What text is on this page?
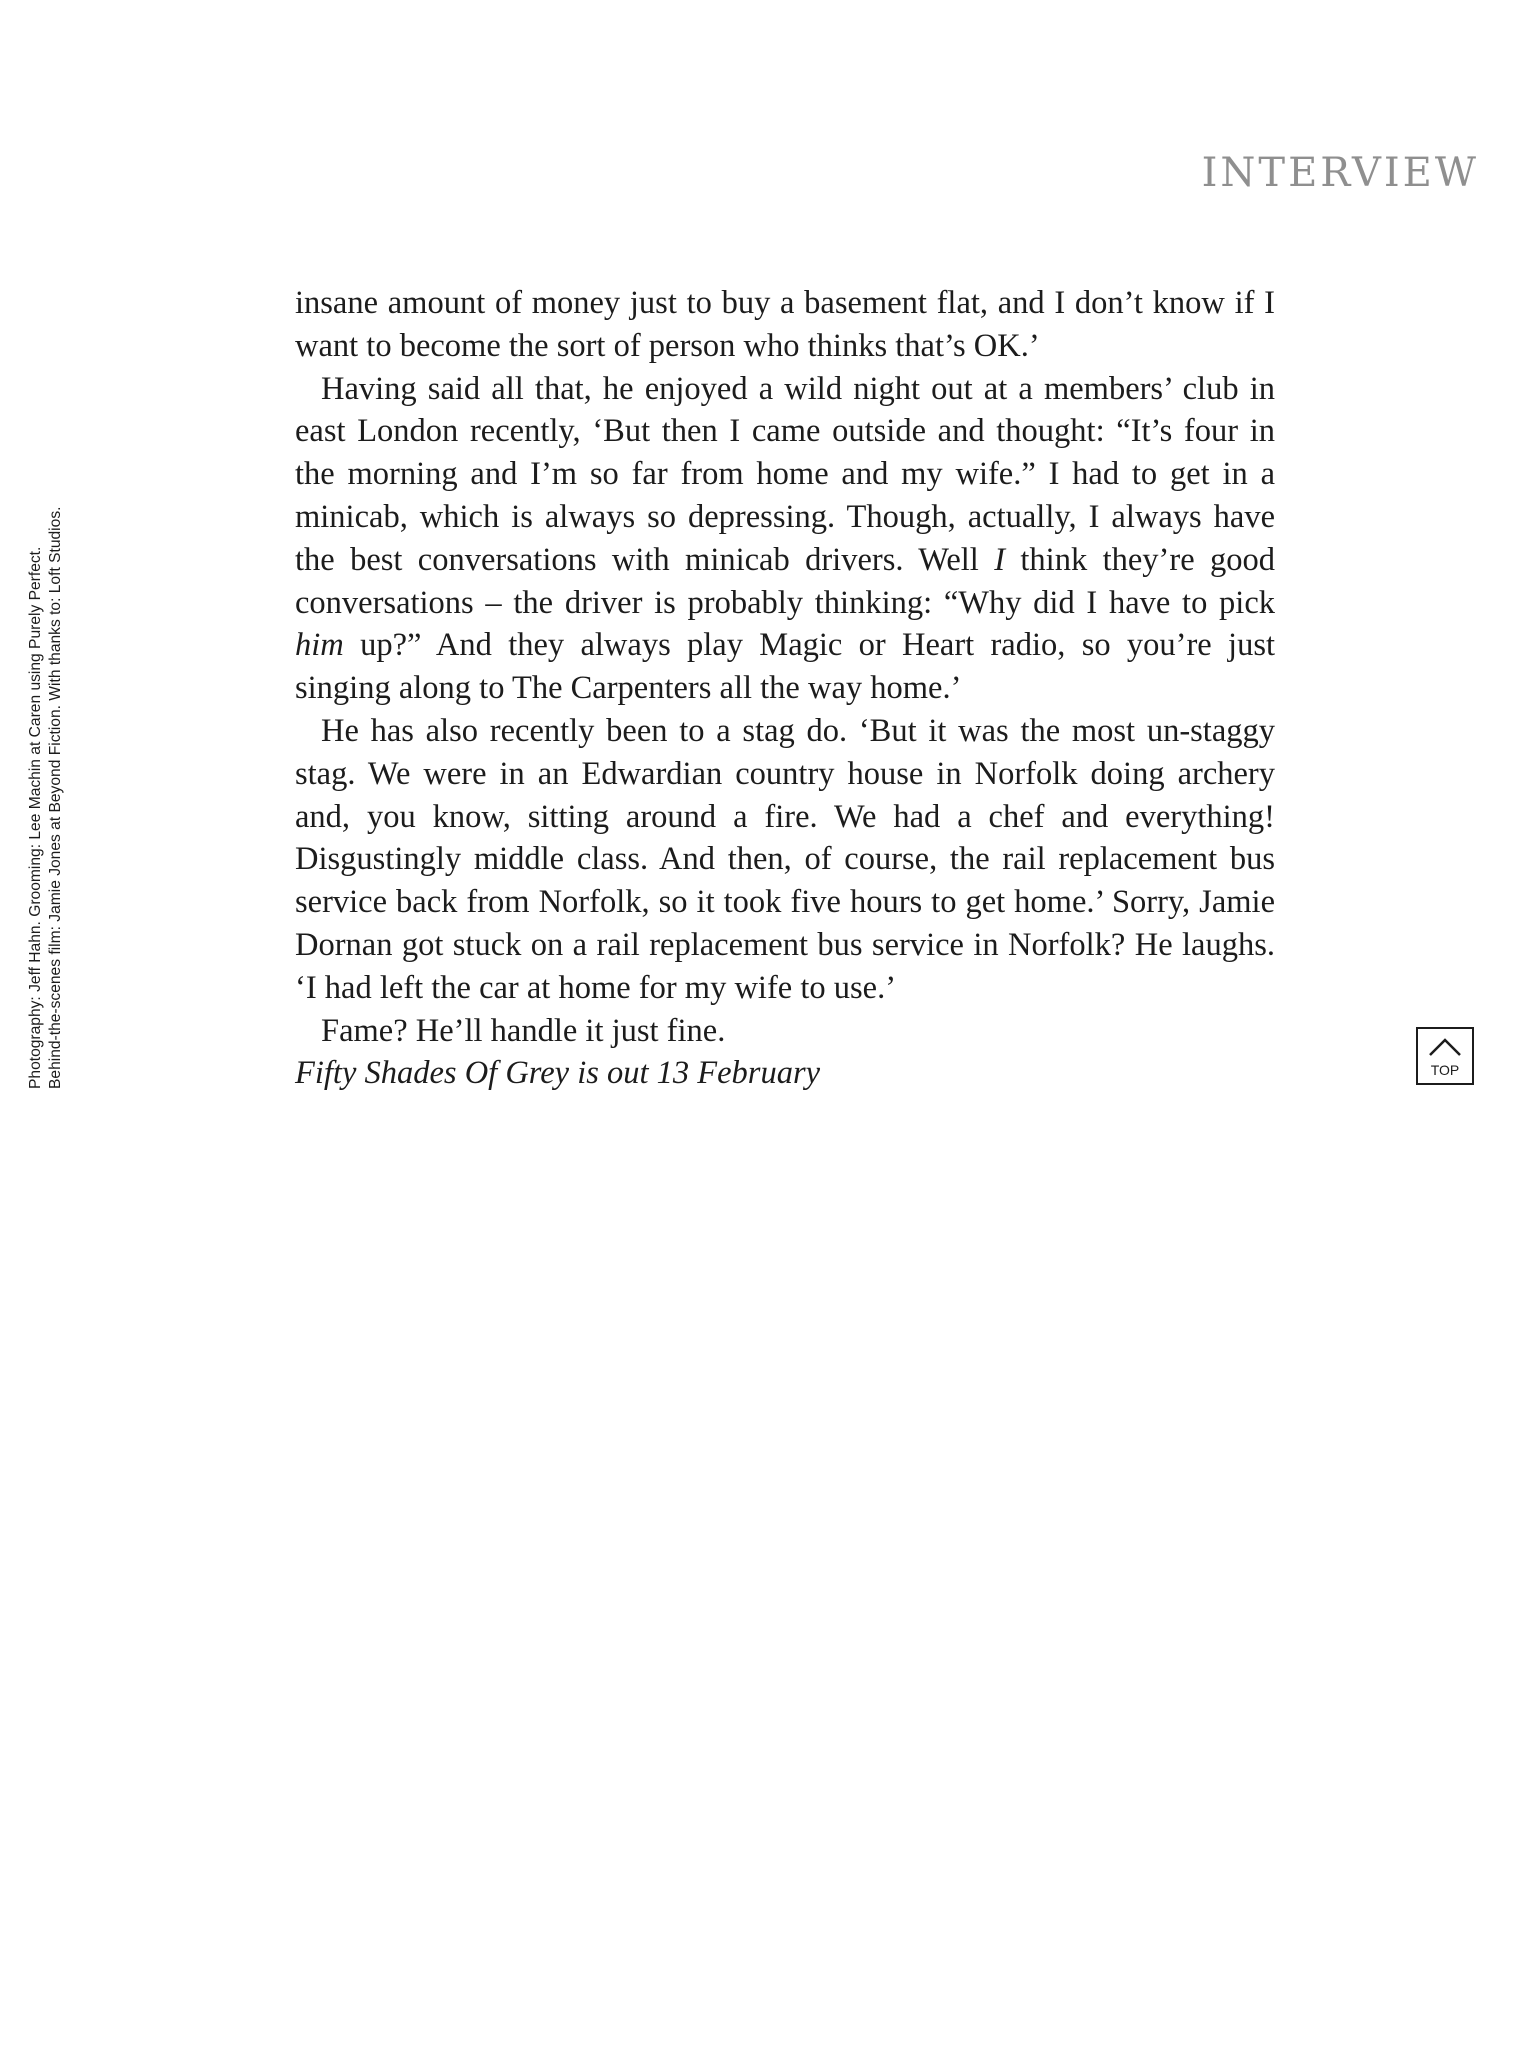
INTERVIEW
Photography: Jeff Hahn. Grooming: Lee Machin at Caren using Purely Perfect. Behind-the-scenes film: Jamie Jones at Beyond Fiction. With thanks to: Loft Studios.

insane amount of money just to buy a basement flat, and I don’t know if I want to become the sort of person who thinks that’s OK.’

Having said all that, he enjoyed a wild night out at a members’ club in east London recently, ‘But then I came outside and thought: “It’s four in the morning and I’m so far from home and my wife.” I had to get in a minicab, which is always so depressing. Though, actually, I always have the best conversations with minicab drivers. Well I think they’re good conversations – the driver is probably thinking: “Why did I have to pick him up?” And they always play Magic or Heart radio, so you’re just singing along to The Carpenters all the way home.’

He has also recently been to a stag do. ‘But it was the most un-staggy stag. We were in an Edwardian country house in Norfolk doing archery and, you know, sitting around a fire. We had a chef and everything! Disgustingly middle class. And then, of course, the rail replacement bus service back from Norfolk, so it took five hours to get home.’ Sorry, Jamie Dornan got stuck on a rail replacement bus service in Norfolk? He laughs. ‘I had left the car at home for my wife to use.’

Fame? He’ll handle it just fine.

Fifty Shades Of Grey is out 13 February	TOP
